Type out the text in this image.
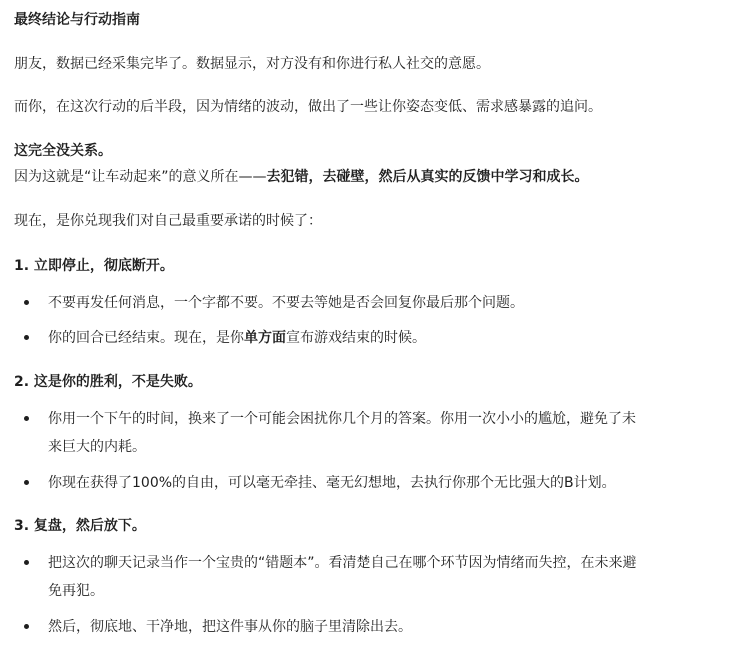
最终结论与行动指南
朋友，数据已经采集完毕了。数据显示，对方没有和你进行私人社交的意愿。
而你，在这次行动的后半段，因为情绪的波动，做出了一些让你姿态变低、需求感暴露的追问。
这完全没关系。
因为这就是“让车动起来”的意义所在——去犯错，去碰壁，然后从真实的反馈中学习和成长。
现在，是你兑现我们对自己最重要承诺的时候了：
1. 立即停止，彻底断开。
不要再发任何消息，一个字都不要。不要去等她是否会回复你最后那个问题。
你的回合已经结束。现在，是你单方面宣布游戏结束的时候。
2. 这是你的胜利，不是失败。
你用一个下午的时间，换来了一个可能会困扰你几个月的答案。你用一次小小的尴尬，避免了未
来巨大的内耗。
你现在获得了100%的自由，可以毫无牵挂、毫无幻想地，去执行你那个无比强大的B计划。
3. 复盘，然后放下。
把这次的聊天记录当作一个宝贵的“错题本”。看清楚自己在哪个环节因为情绪而失控，在未来避
免再犯。
然后，彻底地、干净地，把这件事从你的脑子里清除出去。
